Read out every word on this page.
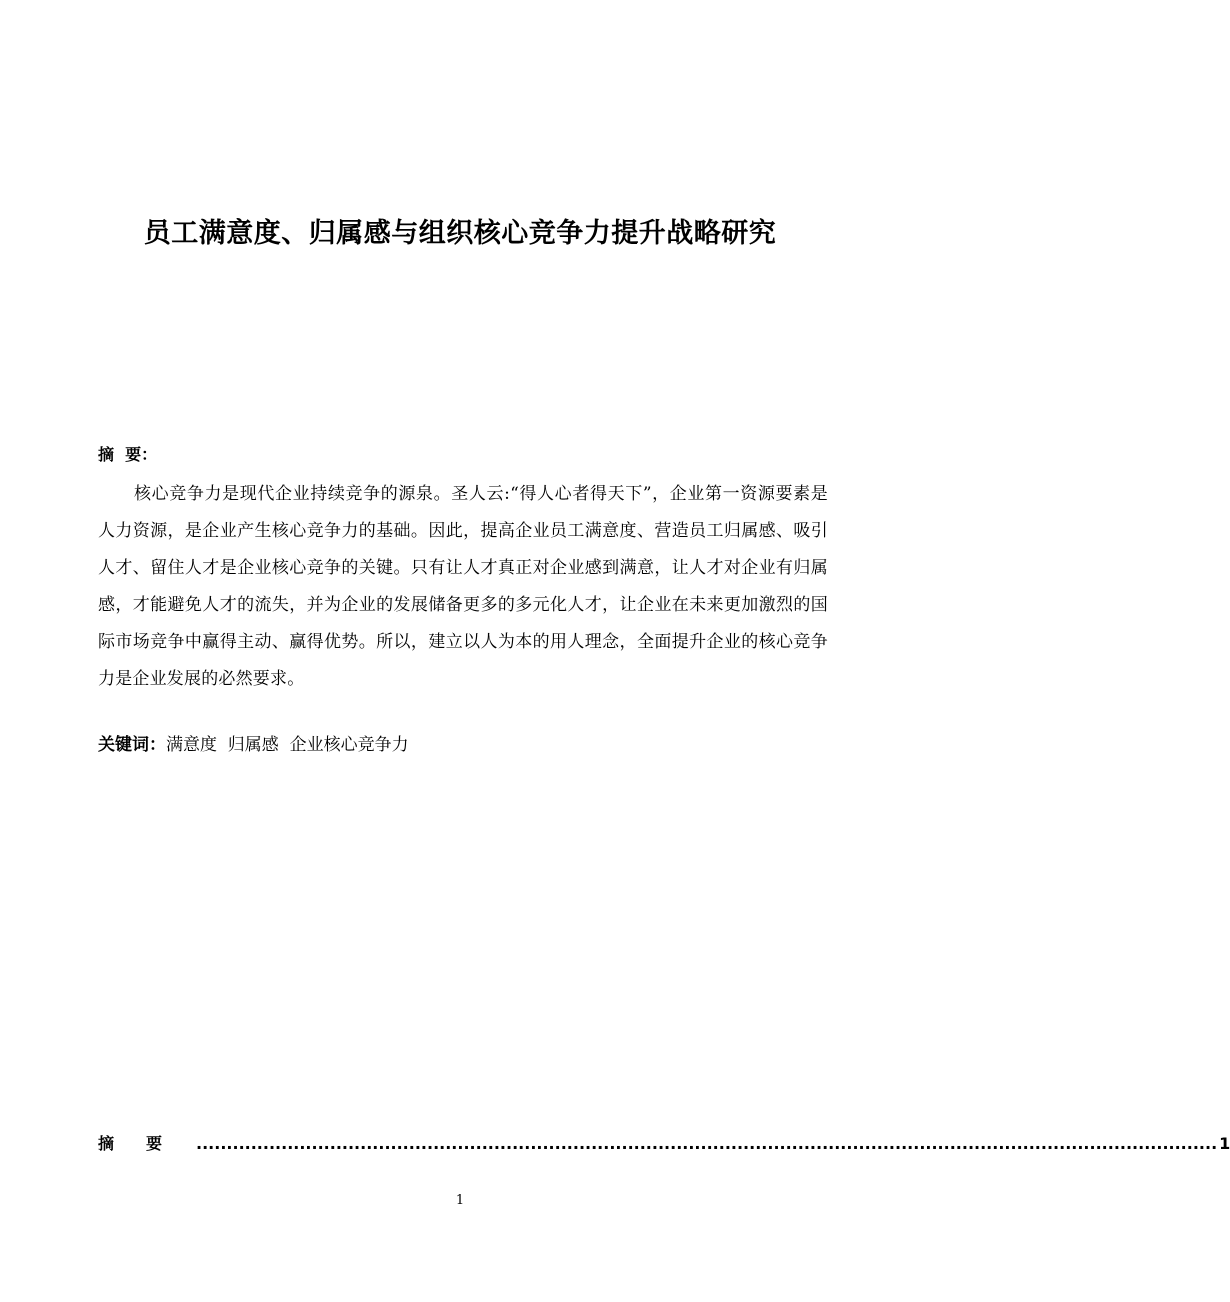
员工满意度、归属感与组织核心竞争力提升战略研究
摘  要：
核心竞争力是现代企业持续竞争的源泉。圣人云:“得人心者得天下”，企业第一资源要素是人力资源，是企业产生核心竞争力的基础。因此，提高企业员工满意度、营造员工归属感、吸引人才、留住人才是企业核心竞争的关键。只有让人才真正对企业感到满意，让人才对企业有归属感，才能避免人才的流失，并为企业的发展储备更多的多元化人才，让企业在未来更加激烈的国际市场竞争中赢得主动、赢得优势。所以，建立以人为本的用人理念，全面提升企业的核心竞争力是企业发展的必然要求。
关键词：满意度  归属感  企业核心竞争力
摘要 ........................................................................................................................................................................ 1
1
